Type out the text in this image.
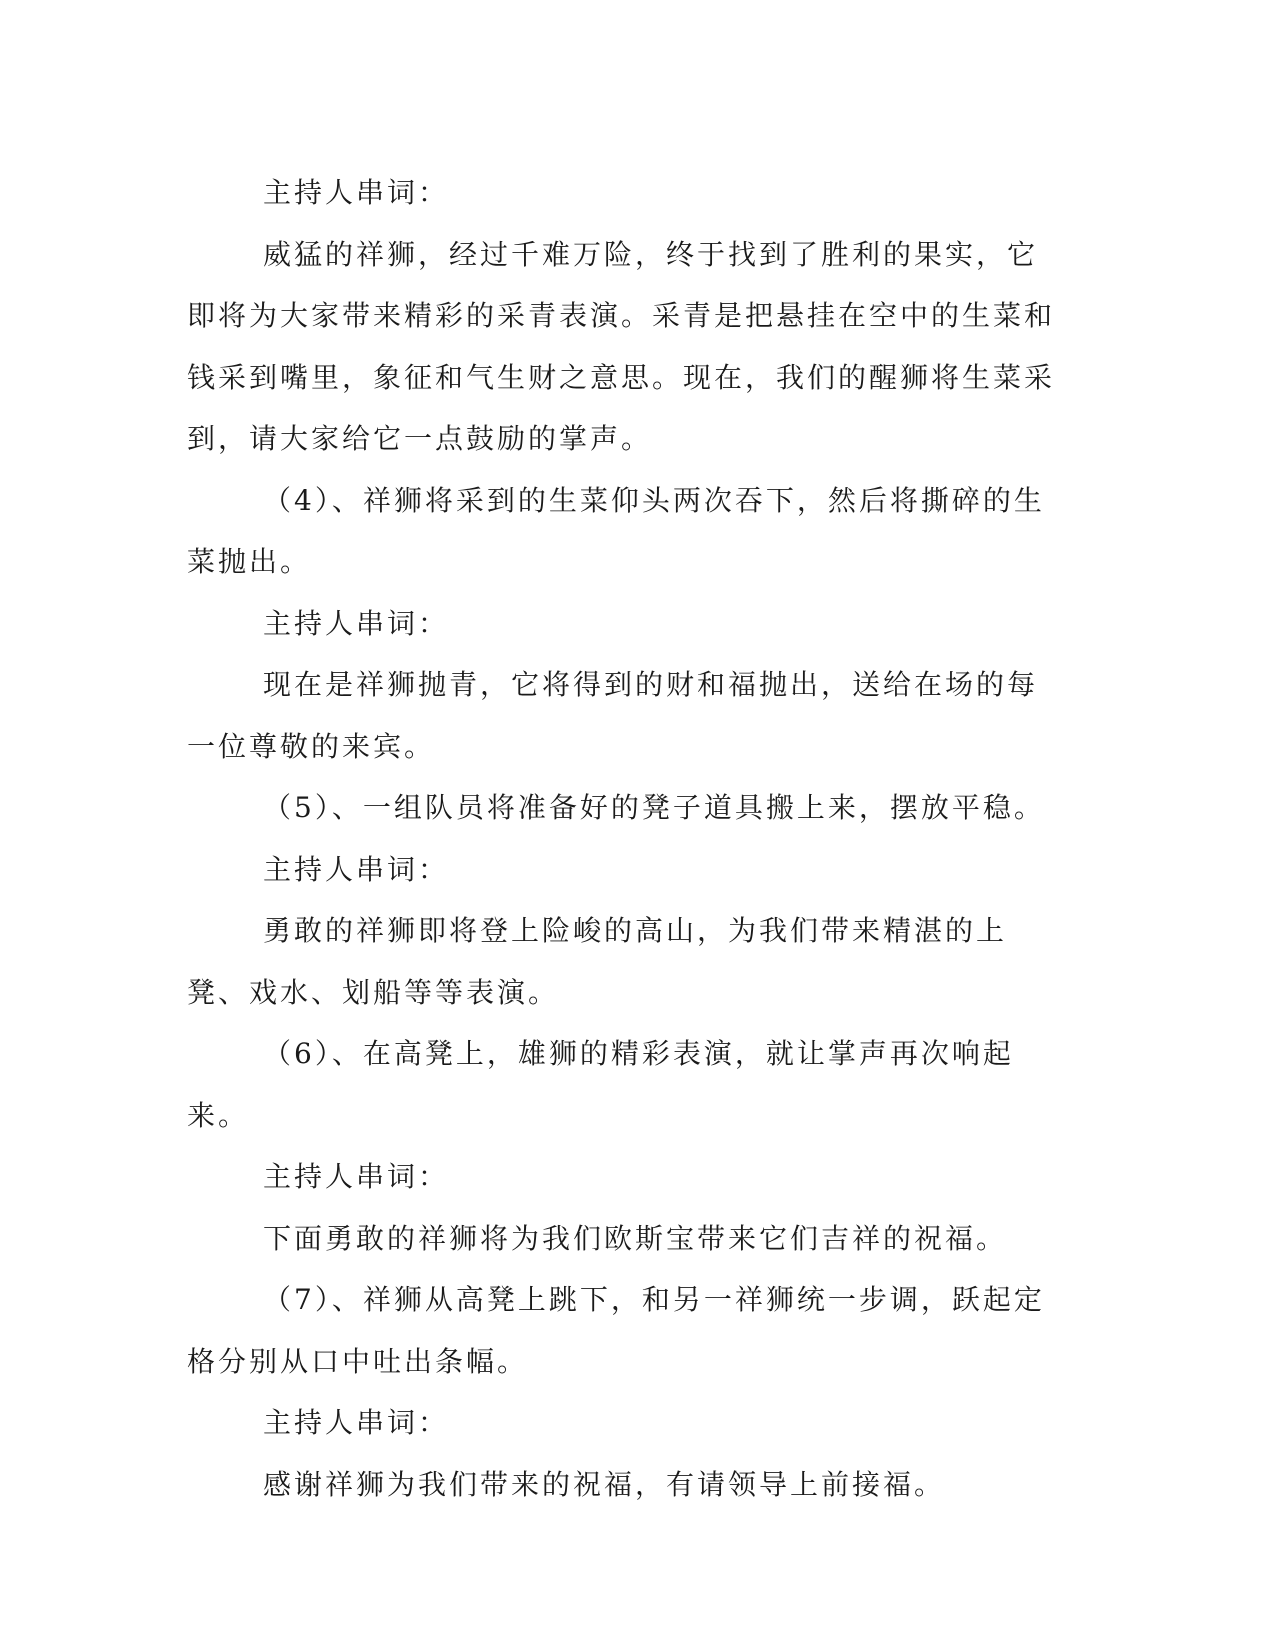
主持人串词：

威猛的祥狮，经过千难万险，终于找到了胜利的果实，它即将为大家带来精彩的采青表演。采青是把悬挂在空中的生菜和钱采到嘴里，象征和气生财之意思。现在，我们的醒狮将生菜采到，请大家给它一点鼓励的掌声。

（4）、祥狮将采到的生菜仰头两次吞下，然后将撕碎的生菜抛出。

主持人串词：

现在是祥狮抛青，它将得到的财和福抛出，送给在场的每一位尊敬的来宾。

（5）、一组队员将准备好的凳子道具搬上来，摆放平稳。

主持人串词：

勇敢的祥狮即将登上险峻的高山，为我们带来精湛的上凳、戏水、划船等等表演。

（6）、在高凳上，雄狮的精彩表演，就让掌声再次响起来。

主持人串词：

下面勇敢的祥狮将为我们欧斯宝带来它们吉祥的祝福。

（7）、祥狮从高凳上跳下，和另一祥狮统一步调，跃起定格分别从口中吐出条幅。

主持人串词：

感谢祥狮为我们带来的祝福，有请领导上前接福。
